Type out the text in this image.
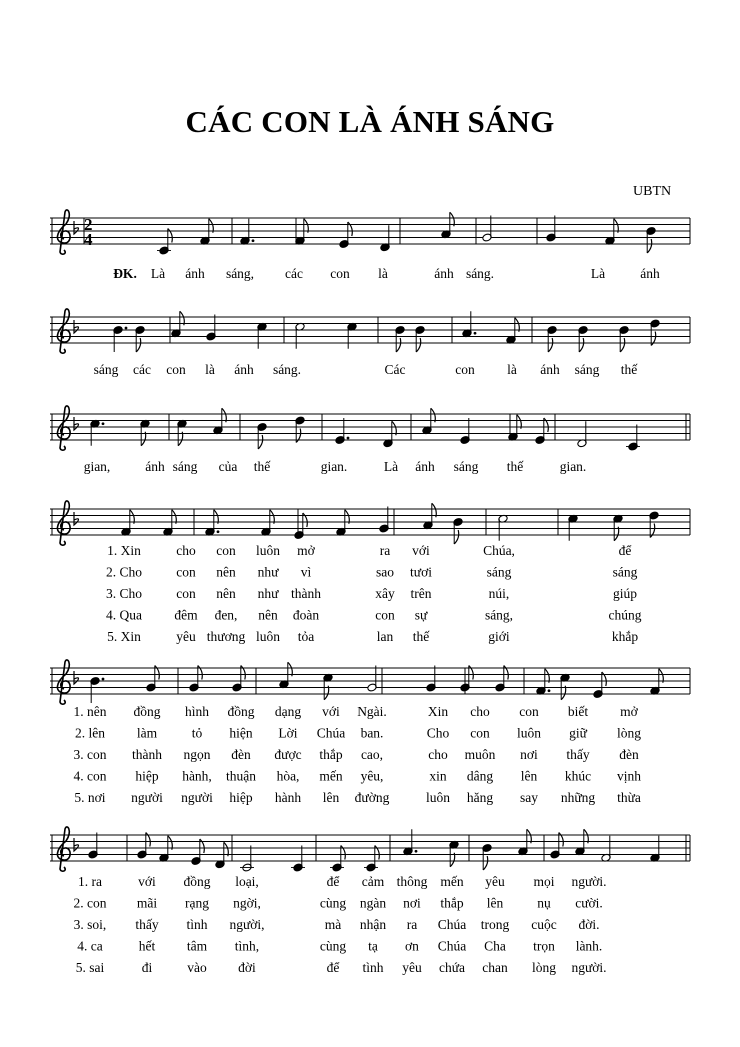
CÁC CON LÀ ÁNH SÁNG
UBTN
ĐK. Là ánh sáng, các con là	ánh sáng.	Là	ánh
sáng các con là ánh sáng.	Các	con là ánh sáng thế
gian,	ánh sáng của thế	gian.	Là ánh sáng thế	gian.
1. Xin	cho con luôn mở	ra với	Chúa,	để
2. Cho	con nên như vì	sao tươi	sáng	sáng
3. Cho	con nên như thành	xây trên	núi,	giúp
4. Qua đêm đen, nên đoàn	con sự	sáng,	chúng
5. Xin	yêu thương luôn tỏa	lan thế	giới	khắp
1. nên đồng hình đồng dạng với Ngài.	Xin cho con biết mở
2. lên làm	tỏ hiện Lời Chúa ban.	Cho con luôn giữ lòng
3. con thành ngọn đèn được thắp cao,	cho muôn nơi thấy đèn
4. con hiệp hành, thuận hòa, mến yêu,	xin dâng lên khúc vịnh
5. nơi người người hiệp hành lên đường	luôn hăng say những thừa
1. ra	với đồng loại,	để cảm thông mến yêu mọi người.
2. con mãi rạng ngời,	cùng ngàn nơi thắp lên	nụ cười.
3. soi, thấy tình người,	mà nhận ra Chúa trong cuộc đời.
4. ca	hết tâm tình,	cùng tạ ơn Chúa Cha trọn lành.
5. sai	đi	vào đời	để tình yêu chứa chan lòng người.
2
4
